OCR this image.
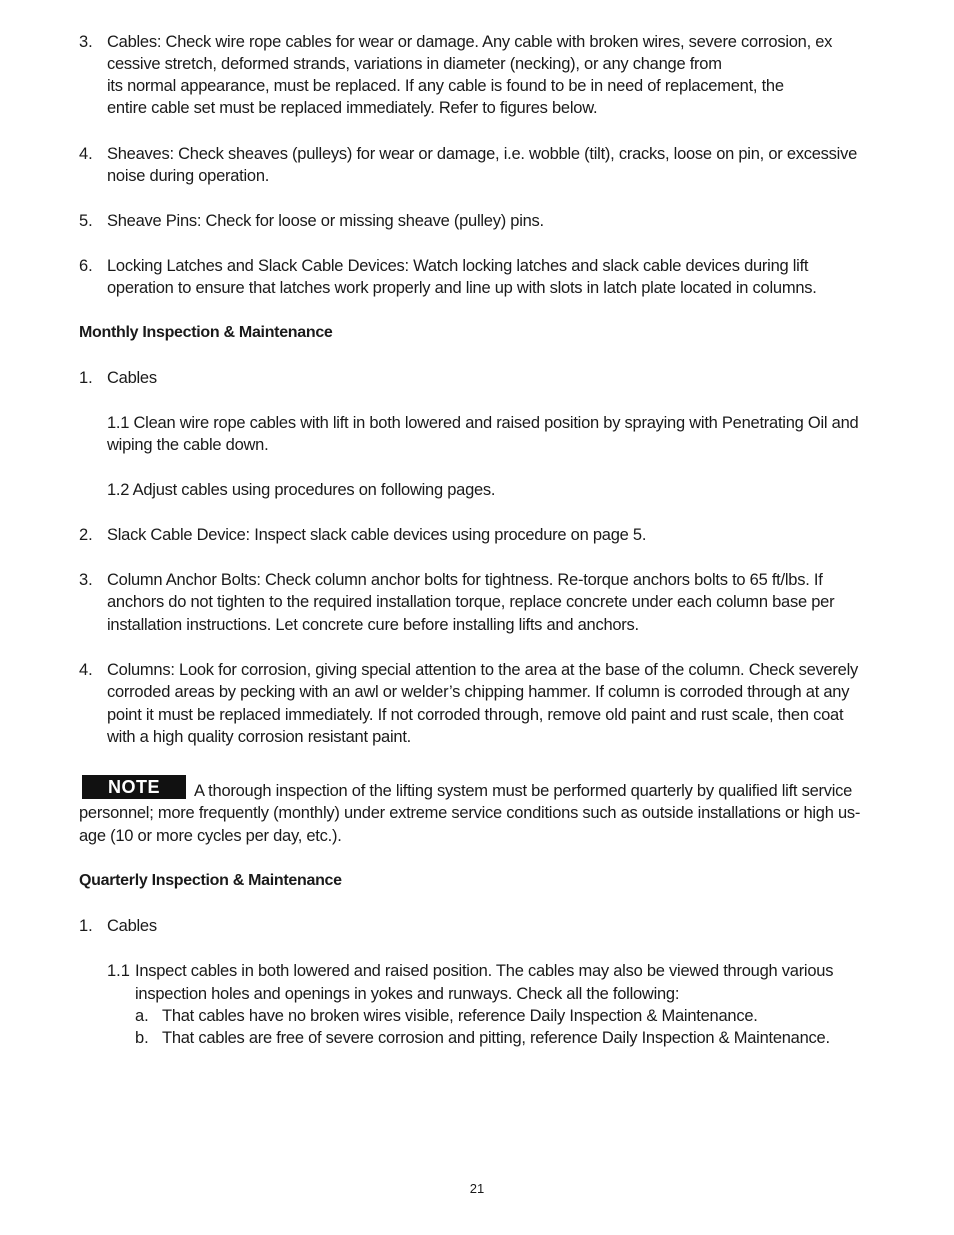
3. Cables: Check wire rope cables for wear or damage. Any cable with broken wires, severe corrosion, ex
cessive stretch, deformed strands, variations in diameter (necking), or any change from
its normal appearance, must be replaced. If any cable is found to be in need of replacement, the
entire cable set must be replaced immediately. Refer to figures below.
4. Sheaves: Check sheaves (pulleys) for wear or damage, i.e. wobble (tilt), cracks, loose on pin, or excessive
noise during operation.
5. Sheave Pins: Check for loose or missing sheave (pulley) pins.
6. Locking Latches and Slack Cable Devices: Watch locking latches and slack cable devices during lift
operation to ensure that latches work properly and line up with slots in latch plate located in columns.
Monthly Inspection & Maintenance
1. Cables
1.1 Clean wire rope cables with lift in both lowered and raised position by spraying with Penetrating Oil and
wiping the cable down.
1.2 Adjust cables using procedures on following pages.
2. Slack Cable Device: Inspect slack cable devices using procedure on page 5.
3. Column Anchor Bolts: Check column anchor bolts for tightness. Re-torque anchors bolts to 65 ft/lbs. If
anchors do not tighten to the required installation torque, replace concrete under each column base per
installation instructions. Let concrete cure before installing lifts and anchors.
4. Columns: Look for corrosion, giving special attention to the area at the base of the column. Check severely
corroded areas by pecking with an awl or welder’s chipping hammer. If column is corroded through at any
point it must be replaced immediately. If not corroded through, remove old paint and rust scale, then coat
with a high quality corrosion resistant paint.
NOTE	A thorough inspection of the lifting system must be performed quarterly by qualified lift service
personnel; more frequently (monthly) under extreme service conditions such as outside installations or high us-
age (10 or more cycles per day, etc.).
Quarterly Inspection & Maintenance
1. Cables
1.1 Inspect cables in both lowered and raised position. The cables may also be viewed through various
inspection holes and openings in yokes and runways. Check all the following:
a. That cables have no broken wires visible, reference Daily Inspection & Maintenance.
b. That cables are free of severe corrosion and pitting, reference Daily Inspection & Maintenance.
21
